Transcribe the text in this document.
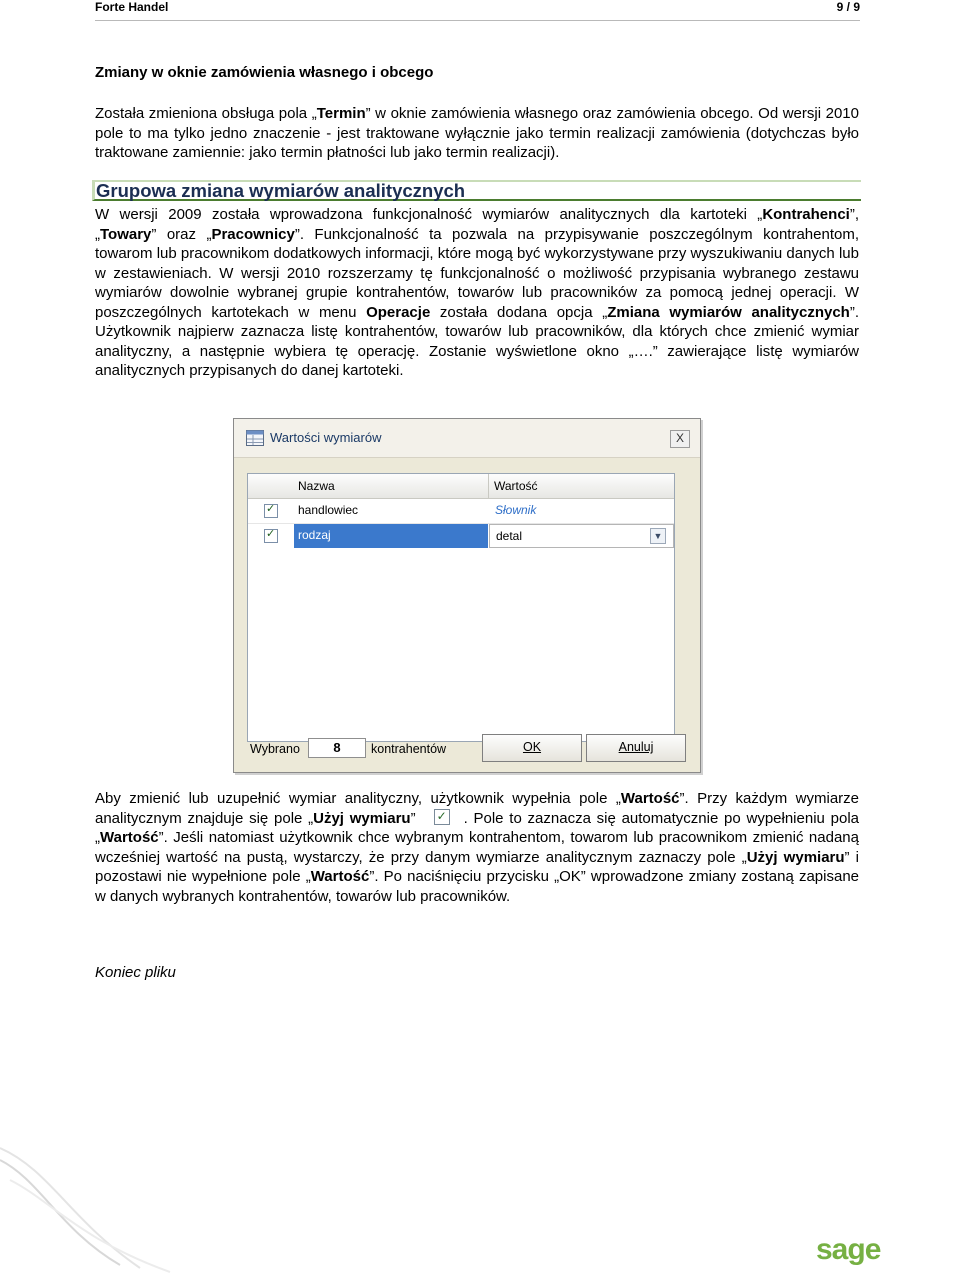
Forte Handel	9 / 9
Zmiany w oknie zamówienia własnego i obcego
Została zmieniona obsługa pola „Termin” w oknie zamówienia własnego oraz zamówienia obcego. Od wersji 2010 pole to ma tylko jedno znaczenie - jest traktowane wyłącznie jako termin realizacji zamówienia (dotychczas było traktowane zamiennie: jako termin płatności lub jako termin realizacji).
Grupowa zmiana wymiarów analitycznych
W wersji 2009 została wprowadzona funkcjonalność wymiarów analitycznych dla kartoteki „Kontrahenci”, „Towary” oraz „Pracownicy”. Funkcjonalność ta pozwala na przypisywanie poszczególnym kontrahentom, towarom lub pracownikom dodatkowych informacji, które mogą być wykorzystywane przy wyszukiwaniu danych lub w zestawieniach. W wersji 2010 rozszerzamy tę funkcjonalność o możliwość przypisania wybranego zestawu wymiarów dowolnie wybranej grupie kontrahentów, towarów lub pracowników za pomocą jednej operacji. W poszczególnych kartotekach w menu Operacje została dodana opcja „Zmiana wymiarów analitycznych”. Użytkownik najpierw zaznacza listę kontrahentów, towarów lub pracowników, dla których chce zmienić wymiar analityczny, a następnie wybiera tę operację. Zostanie wyświetlone okno „….” zawierające listę wymiarów analitycznych przypisanych do danej kartoteki.
Wartości wymiarów	X
Nazwa	Wartość
✓
handlowiec	Słownik
✓
rodzaj	detal	▼
Wybrano	8	kontrahentów	OK	Anuluj
Aby zmienić lub uzupełnić wymiar analityczny, użytkownik wypełnia pole „Wartość”. Przy każdym wymiarze analitycznym znajduje się pole „Użyj wymiaru”✓	. Pole to zaznacza się automatycznie po wypełnieniu pola „Wartość”. Jeśli natomiast użytkownik chce wybranym kontrahentom, towarom lub pracownikom zmienić nadaną wcześniej wartość na pustą, wystarczy, że przy danym wymiarze analitycznym zaznaczy pole „Użyj wymiaru” i pozostawi nie wypełnione pole „Wartość”. Po naciśnięciu przycisku „OK” wprowadzone zmiany zostaną zapisane w danych wybranych kontrahentów, towarów lub pracowników.
Koniec pliku
sage
